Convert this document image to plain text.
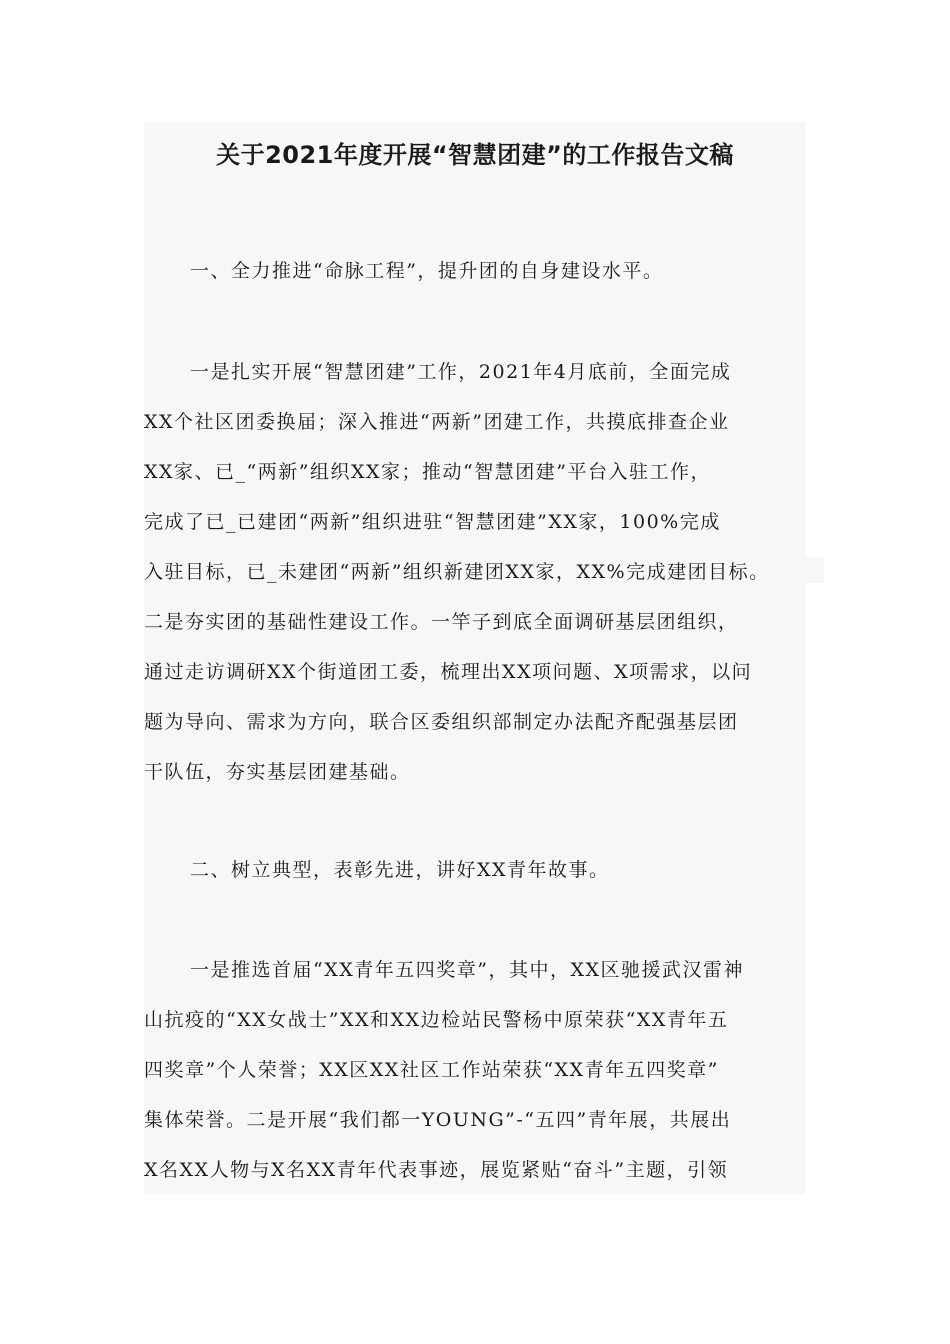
关于2021年度开展“智慧团建”的工作报告文稿
一、全力推进“命脉工程”，提升团的自身建设水平。
一是扎实开展“智慧团建”工作，2021年4月底前，全面完成
XX个社区团委换届；深入推进“两新”团建工作，共摸底排查企业
XX家、已_“两新”组织XX家；推动“智慧团建”平台入驻工作，
完成了已_已建团“两新”组织进驻“智慧团建”XX家，100%完成
入驻目标，已_未建团“两新”组织新建团XX家，XX%完成建团目标。
二是夯实团的基础性建设工作。一竿子到底全面调研基层团组织，
通过走访调研XX个街道团工委，梳理出XX项问题、X项需求，以问
题为导向、需求为方向，联合区委组织部制定办法配齐配强基层团
干队伍，夯实基层团建基础。
二、树立典型，表彰先进，讲好XX青年故事。
一是推选首届“XX青年五四奖章”，其中，XX区驰援武汉雷神
山抗疫的“XX女战士”XX和XX边检站民警杨中原荣获“XX青年五
四奖章”个人荣誉；XX区XX社区工作站荣获“XX青年五四奖章”
集体荣誉。二是开展“我们都一YOUNG”-“五四”青年展，共展出
X名XX人物与X名XX青年代表事迹，展览紧贴“奋斗”主题，引领
